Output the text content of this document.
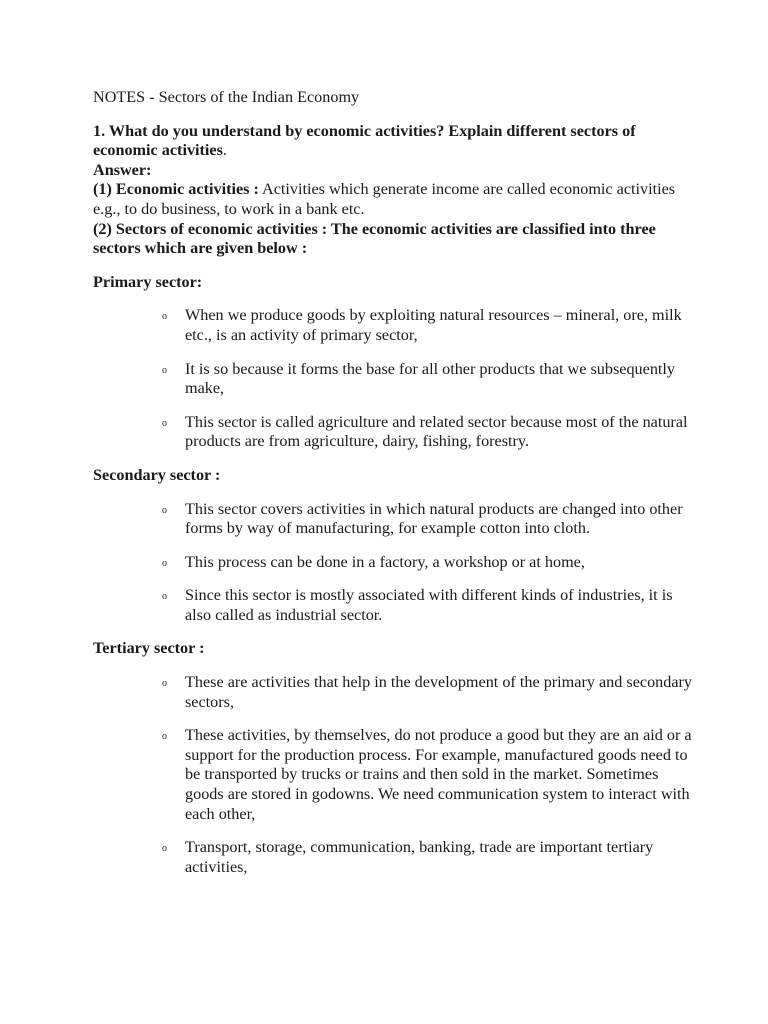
NOTES - Sectors of the Indian Economy
1. What do you understand by economic activities? Explain different sectors of economic activities.
Answer:
(1) Economic activities : Activities which generate income are called economic activities e.g., to do business, to work in a bank etc.
(2) Sectors of economic activities : The economic activities are classified into three sectors which are given below :
Primary sector:
o When we produce goods by exploiting natural resources – mineral, ore, milk etc., is an activity of primary sector,
o It is so because it forms the base for all other products that we subsequently make,
o This sector is called agriculture and related sector because most of the natural products are from agriculture, dairy, fishing, forestry.
Secondary sector :
o This sector covers activities in which natural products are changed into other forms by way of manufacturing, for example cotton into cloth.
o This process can be done in a factory, a workshop or at home,
o Since this sector is mostly associated with different kinds of industries, it is also called as industrial sector.
Tertiary sector :
o These are activities that help in the development of the primary and secondary sectors,
o These activities, by themselves, do not produce a good but they are an aid or a support for the production process. For example, manufactured goods need to be transported by trucks or trains and then sold in the market. Sometimes goods are stored in godowns. We need communication system to interact with each other,
o Transport, storage, communication, banking, trade are important tertiary activities,
